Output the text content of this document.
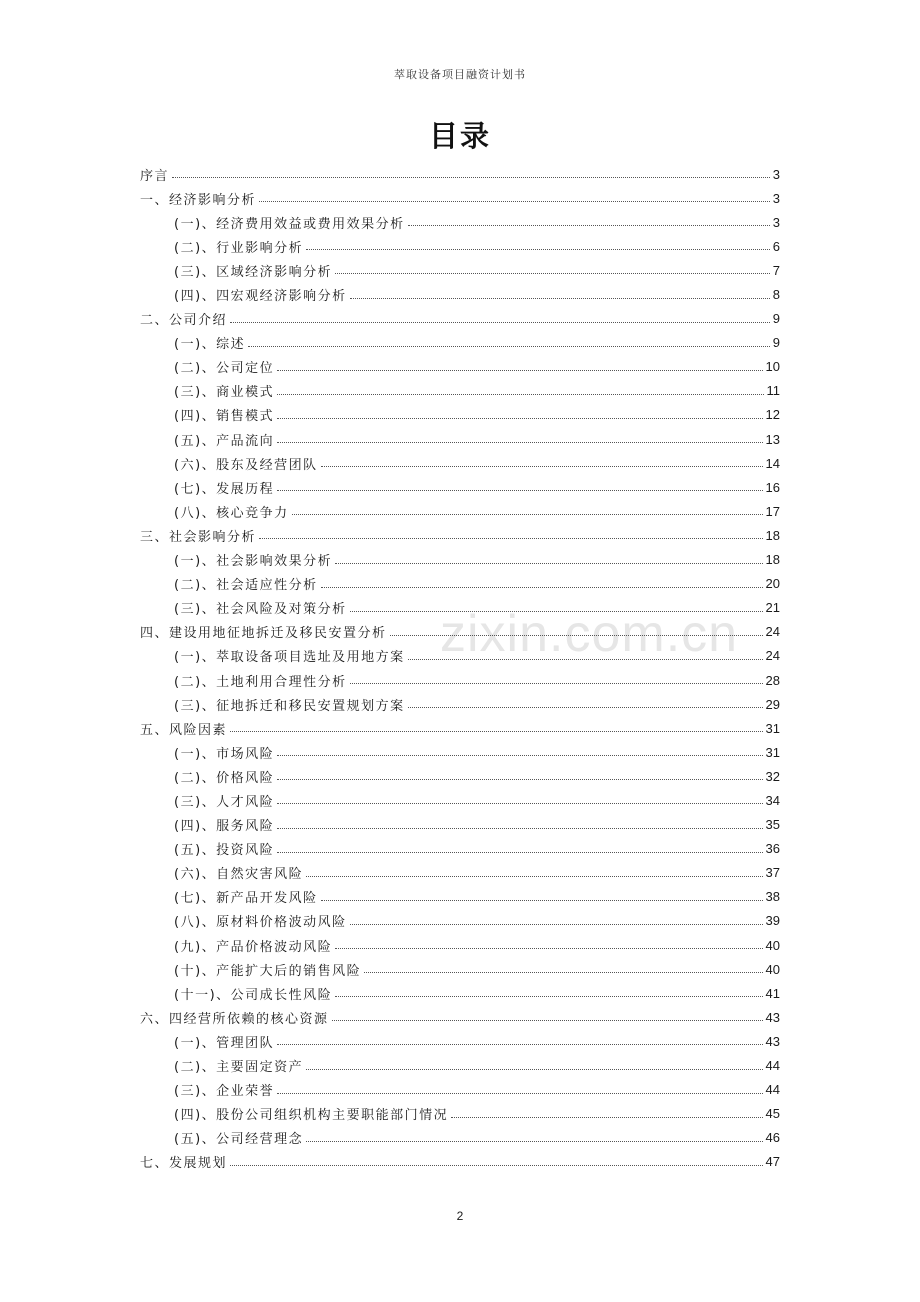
萃取设备项目融资计划书
目录
zixin.com.cn
序言	3
一、经济影响分析	3
(一)、经济费用效益或费用效果分析	3
(二)、行业影响分析	6
(三)、区域经济影响分析	7
(四)、四宏观经济影响分析	8
二、公司介绍	9
(一)、综述	9
(二)、公司定位	10
(三)、商业模式	11
(四)、销售模式	12
(五)、产品流向	13
(六)、股东及经营团队	14
(七)、发展历程	16
(八)、核心竞争力	17
三、社会影响分析	18
(一)、社会影响效果分析	18
(二)、社会适应性分析	20
(三)、社会风险及对策分析	21
四、建设用地征地拆迁及移民安置分析	24
(一)、萃取设备项目选址及用地方案	24
(二)、土地利用合理性分析	28
(三)、征地拆迁和移民安置规划方案	29
五、风险因素	31
(一)、市场风险	31
(二)、价格风险	32
(三)、人才风险	34
(四)、服务风险	35
(五)、投资风险	36
(六)、自然灾害风险	37
(七)、新产品开发风险	38
(八)、原材料价格波动风险	39
(九)、产品价格波动风险	40
(十)、产能扩大后的销售风险	40
(十一)、公司成长性风险	41
六、四经营所依赖的核心资源	43
(一)、管理团队	43
(二)、主要固定资产	44
(三)、企业荣誉	44
(四)、股份公司组织机构主要职能部门情况	45
(五)、公司经营理念	46
七、发展规划	47
2
